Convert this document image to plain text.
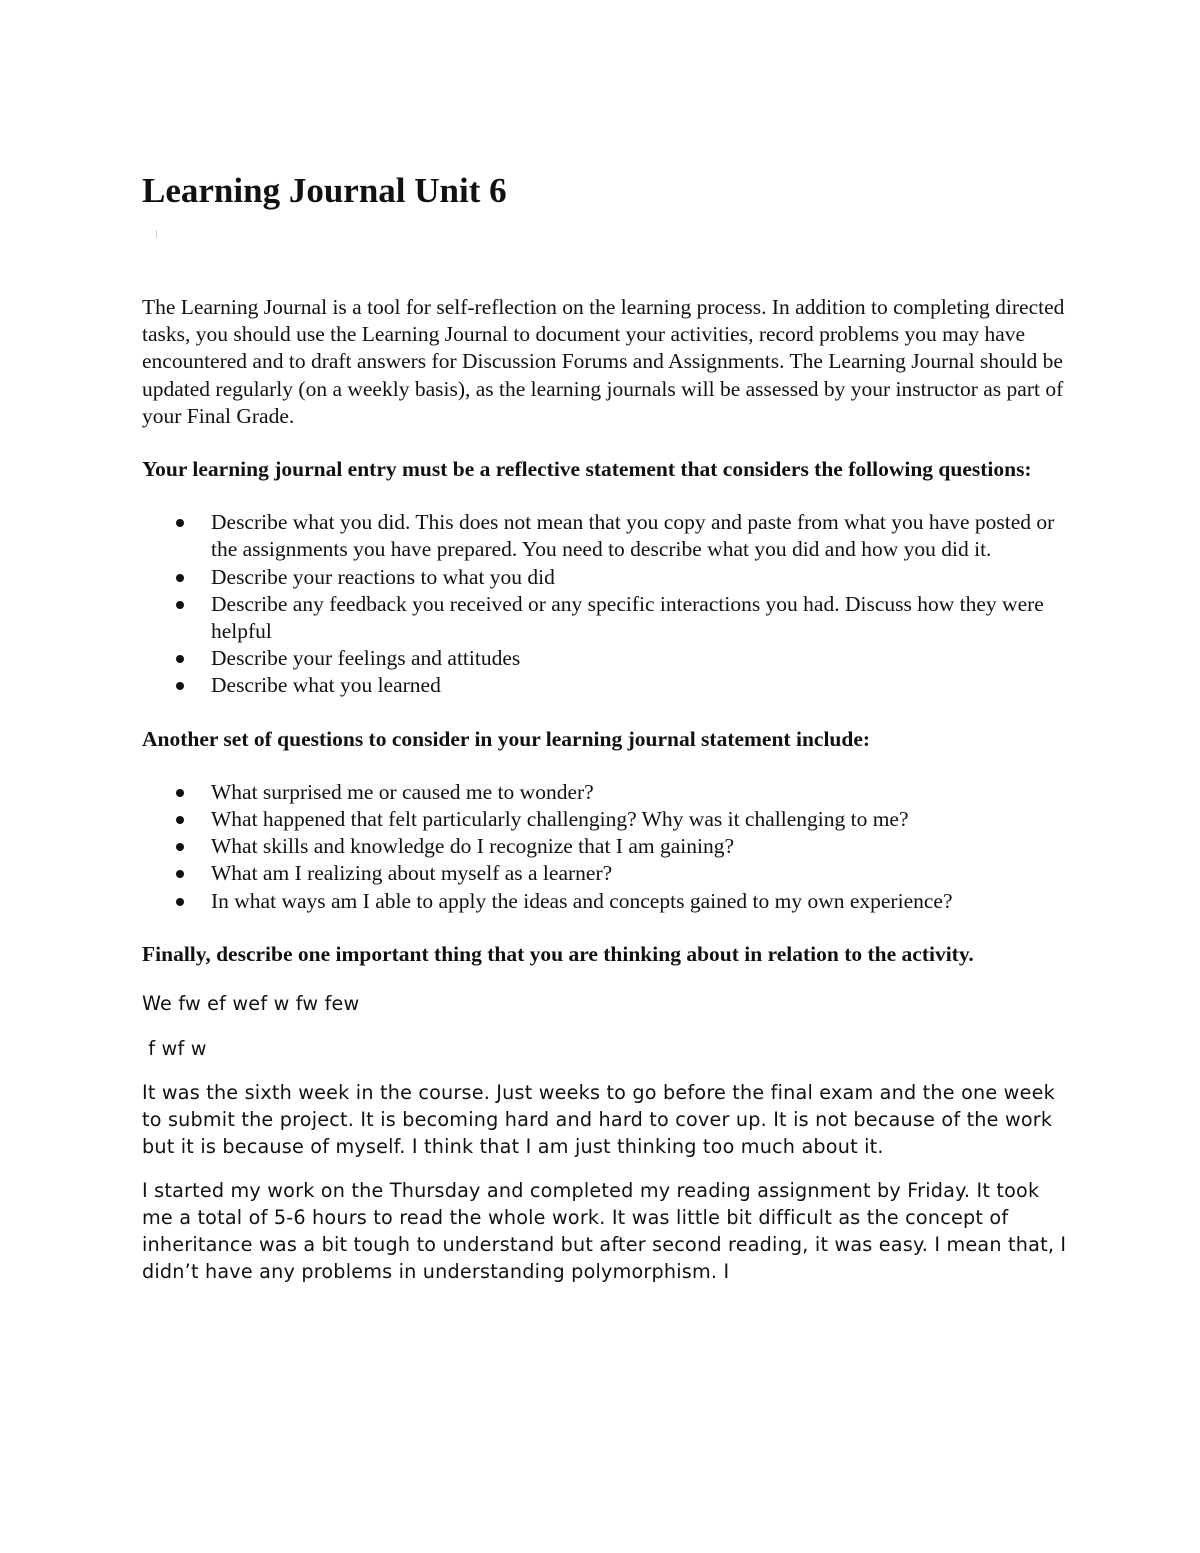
Learning Journal Unit 6

The Learning Journal is a tool for self-reflection on the learning process. In addition to completing directed tasks, you should use the Learning Journal to document your activities, record problems you may have encountered and to draft answers for Discussion Forums and Assignments. The Learning Journal should be updated regularly (on a weekly basis), as the learning journals will be assessed by your instructor as part of your Final Grade.

Your learning journal entry must be a reflective statement that considers the following questions:

Describe what you did. This does not mean that you copy and paste from what you have posted or the assignments you have prepared. You need to describe what you did and how you did it.
Describe your reactions to what you did
Describe any feedback you received or any specific interactions you had. Discuss how they were helpful
Describe your feelings and attitudes
Describe what you learned

Another set of questions to consider in your learning journal statement include:

What surprised me or caused me to wonder?
What happened that felt particularly challenging? Why was it challenging to me?
What skills and knowledge do I recognize that I am gaining?
What am I realizing about myself as a learner?
In what ways am I able to apply the ideas and concepts gained to my own experience?

Finally, describe one important thing that you are thinking about in relation to the activity.

We fw ef wef w fw few

f wf w

It was the sixth week in the course. Just weeks to go before the final exam and the one week to submit the project. It is becoming hard and hard to cover up. It is not because of the work but it is because of myself. I think that I am just thinking too much about it.

I started my work on the Thursday and completed my reading assignment by Friday. It took me a total of 5-6 hours to read the whole work. It was little bit difficult as the concept of inheritance was a bit tough to understand but after second reading, it was easy. I mean that, I didn’t have any problems in understanding polymorphism. I
